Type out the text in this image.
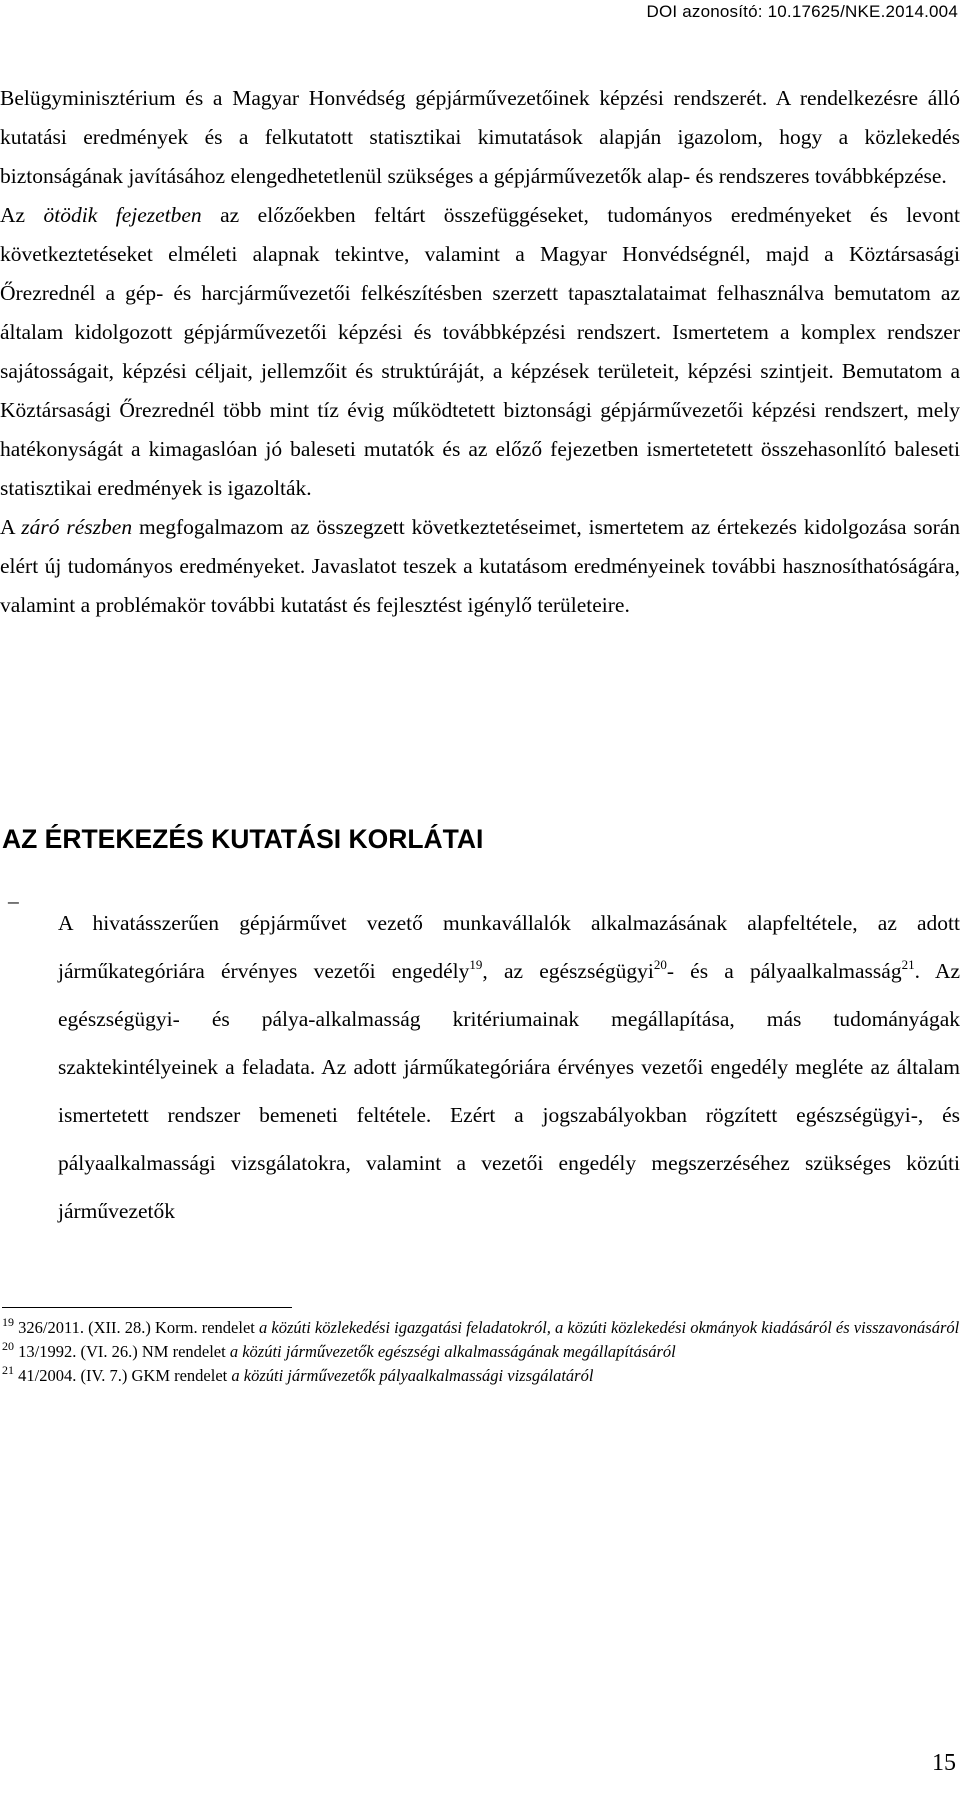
DOI azonosító: 10.17625/NKE.2014.004

Belügyminisztérium és a Magyar Honvédség gépjárművezetőinek képzési rendszerét. A rendelkezésre álló kutatási eredmények és a felkutatott statisztikai kimutatások alapján igazolom, hogy a közlekedés biztonságának javításához elengedhetetlenül szükséges a gépjárművezetők alap- és rendszeres továbbképzése.

Az ötödik fejezetben az előzőekben feltárt összefüggéseket, tudományos eredményeket és levont következtetéseket elméleti alapnak tekintve, valamint a Magyar Honvédségnél, majd a Köztársasági Őrezrednél a gép- és harcjárművezetői felkészítésben szerzett tapasztalataimat felhasználva bemutatom az általam kidolgozott gépjárművezetői képzési és továbbképzési rendszert. Ismertetem a komplex rendszer sajátosságait, képzési céljait, jellemzőit és struktúráját, a képzések területeit, képzési szintjeit. Bemutatom a Köztársasági Őrezrednél több mint tíz évig működtetett biztonsági gépjárművezetői képzési rendszert, mely hatékonyságát a kimagaslóan jó baleseti mutatók és az előző fejezetben ismertetetett összehasonlító baleseti statisztikai eredmények is igazolták.

A záró részben megfogalmazom az összegzett következtetéseimet, ismertetem az értekezés kidolgozása során elért új tudományos eredményeket. Javaslatot teszek a kutatásom eredményeinek további hasznosíthatóságára, valamint a problémakör további kutatást és fejlesztést igénylő területeire.

AZ ÉRTEKEZÉS KUTATÁSI KORLÁTAI
–

A hivatásszerűen gépjárművet vezető munkavállalók alkalmazásának alapfeltétele, az adott járműkategóriára érvényes vezetői engedély$^{19}$, az egészségügyi$^{20}$- és a pályaalkalmasság$^{21}$. Az egészségügyi- és pálya-alkalmasság kritériumainak megállapítása, más tudományágak szaktekintélyeinek a feladata. Az adott járműkategóriára érvényes vezetői engedély megléte az általam ismertetett rendszer bemeneti feltétele. Ezért a jogszabályokban rögzített egészségügyi-, és pályaalkalmassági vizsgálatokra, valamint a vezetői engedély megszerzéséhez szükséges közúti járművezetők

$^{19}$ 326/2011. (XII. 28.) Korm. rendelet a közúti közlekedési igazgatási feladatokról, a közúti közlekedési okmányok kiadásáról és visszavonásáról

$^{20}$ 13/1992. (VI. 26.) NM rendelet a közúti járművezetők egészségi alkalmasságának megállapításáról

$^{21}$ 41/2004. (IV. 7.) GKM rendelet a közúti járművezetők pályaalkalmassági vizsgálatáról

15
